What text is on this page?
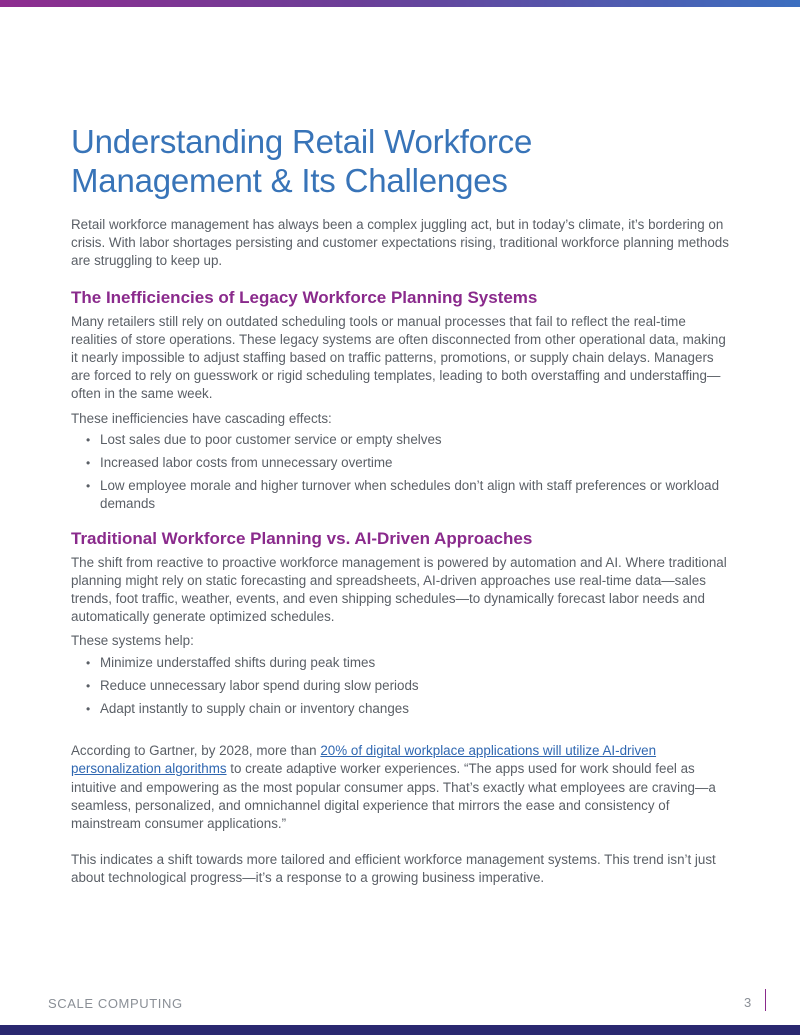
Understanding Retail Workforce Management & Its Challenges

Retail workforce management has always been a complex juggling act, but in today’s climate, it’s bordering on crisis. With labor shortages persisting and customer expectations rising, traditional workforce planning methods are struggling to keep up.

The Inefficiencies of Legacy Workforce Planning Systems

Many retailers still rely on outdated scheduling tools or manual processes that fail to reflect the real-time realities of store operations. These legacy systems are often disconnected from other operational data, making it nearly impossible to adjust staffing based on traffic patterns, promotions, or supply chain delays. Managers are forced to rely on guesswork or rigid scheduling templates, leading to both overstaffing and understaffing—often in the same week.

These inefficiencies have cascading effects:

• Lost sales due to poor customer service or empty shelves
• Increased labor costs from unnecessary overtime
• Low employee morale and higher turnover when schedules don’t align with staff preferences or workload demands
Traditional Workforce Planning vs. AI-Driven Approaches

The shift from reactive to proactive workforce management is powered by automation and AI. Where traditional planning might rely on static forecasting and spreadsheets, AI-driven approaches use real-time data—sales trends, foot traffic, weather, events, and even shipping schedules—to dynamically forecast labor needs and automatically generate optimized schedules.

These systems help:

• Minimize understaffed shifts during peak times
• Reduce unnecessary labor spend during slow periods
• Adapt instantly to supply chain or inventory changes

According to Gartner, by 2028, more than 20% of digital workplace applications will utilize AI-driven personalization algorithms to create adaptive worker experiences. “The apps used for work should feel as intuitive and empowering as the most popular consumer apps. That’s exactly what employees are craving—a seamless, personalized, and omnichannel digital experience that mirrors the ease and consistency of mainstream consumer applications.”

This indicates a shift towards more tailored and efficient workforce management systems. This trend isn’t just about technological progress—it’s a response to a growing business imperative.

SCALE COMPUTING	3
